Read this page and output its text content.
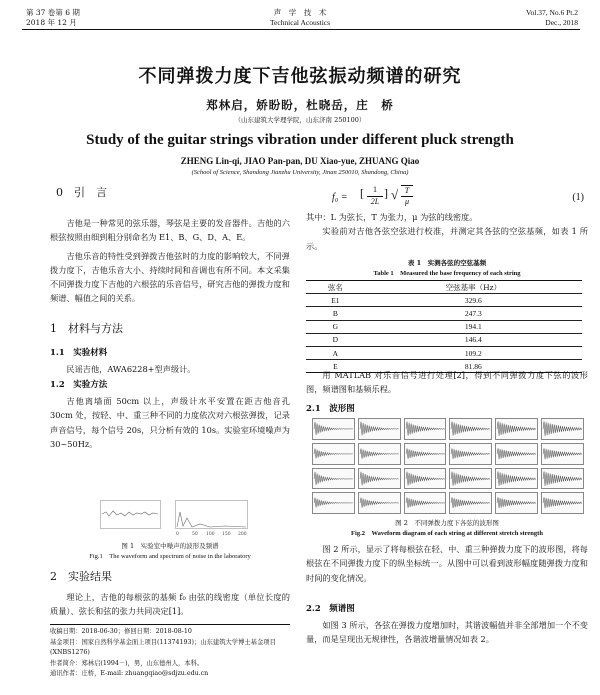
第 37 卷第 6 期
2018 年 12 月
声　学　技　术
Technical Acoustics
Vol.37, No.6 Pt.2
Dec., 2018
不同弹拨力度下吉他弦振动频谱的研究
郑林启，娇盼盼，杜晓岳，庄　桥
（山东建筑大学理学院，山东济南 250100）
Study of the guitar strings vibration under different pluck strength
ZHENG Lin-qi, JIAO Pan-pan, DU Xiao-yue, ZHUANG Qiao
(School of Science, Shandong Jianzhu University, Jinan 250010, Shandong, China)
0　引　言
吉他是一种常见的弦乐器，琴弦是主要的发音器件。吉他的六根弦按照由细到粗分别命名为 E1、B、G、D、A、E。
吉他乐音的特性受到弹拨吉他弦时的力度的影响较大，不同弹拨力度下，吉他乐音大小、持续时间和音调也有所不同。本文采集不同弹拨力度下吉他的六根弦的乐音信号，研究吉他的弹拨力度和频谱、幅值之间的关系。
1　材料与方法
1.1　实验材料
民谣吉他，AWA6228+型声级计。
1.2　实验方法
吉他离墙面 50cm 以上，声级计水平安置在距吉他音孔 30cm 处，按轻、中、重三种不同的力度依次对六根弦弹拨，记录声音信号，每个信号 20s，只分析有效的 10s。实验室环境噪声为 30~50Hz。
0	50 100 150 200
图 1　实验室中噪声的波形及频谱
Fig.1　The waveform and spectrum of noise in the laboratory
2　实验结果
理论上，吉他的每根弦的基频 f₀ 由弦的线密度（单位长度的质量）、弦长和弦的张力共同决定[1]。
收稿日期：2018-06-30；修回日期：2018-08-10
基金项目：国家自然科学基金面上项目(11374193)；山东建筑大学博士基金项目(XNBS1276)
作者简介：郑林启(1994－)，男，山东德州人，本科。
通讯作者：庄桥，E-mail: zhuangqiao@sdjzu.edu.cn
f₀ = [	1
2L
] √ T
μ	(1)
其中：L 为弦长，T 为张力，μ 为弦的线密度。
实验前对吉他各弦空弦进行校准，并测定其各弦的空弦基频，如表 1 所示。
表 1　实测各弦的空弦基频
Table 1　Measured the base frequency of each string
弦名	空弦基率（Hz）
E1	329.6
B	247.3
G	194.1
D	146.4
A	109.2
E	81.86
用 MATLAB 对乐音信号进行处理[2]，得到不同弹拨力度下弦的波形图，频谱图和基频乐程。
2.1　波形图
图 2　不同弹拨力度下各弦的波形图
Fig.2　Waveform diagram of each string at different stretch strength
图 2 所示，显示了将每根弦在轻、中、重三种弹拨力度下的波形图，将每根弦在不同弹拨力度下的纵坐标统一。从图中可以看到波形幅度随弹拨力度和时间的变化情况。
2.2　频谱图
如图 3 所示，各弦在弹拨力度增加时，其谐波幅值并非全部增加一个不变量，而是呈现出无规律性，各谐波增量情况如表 2。
